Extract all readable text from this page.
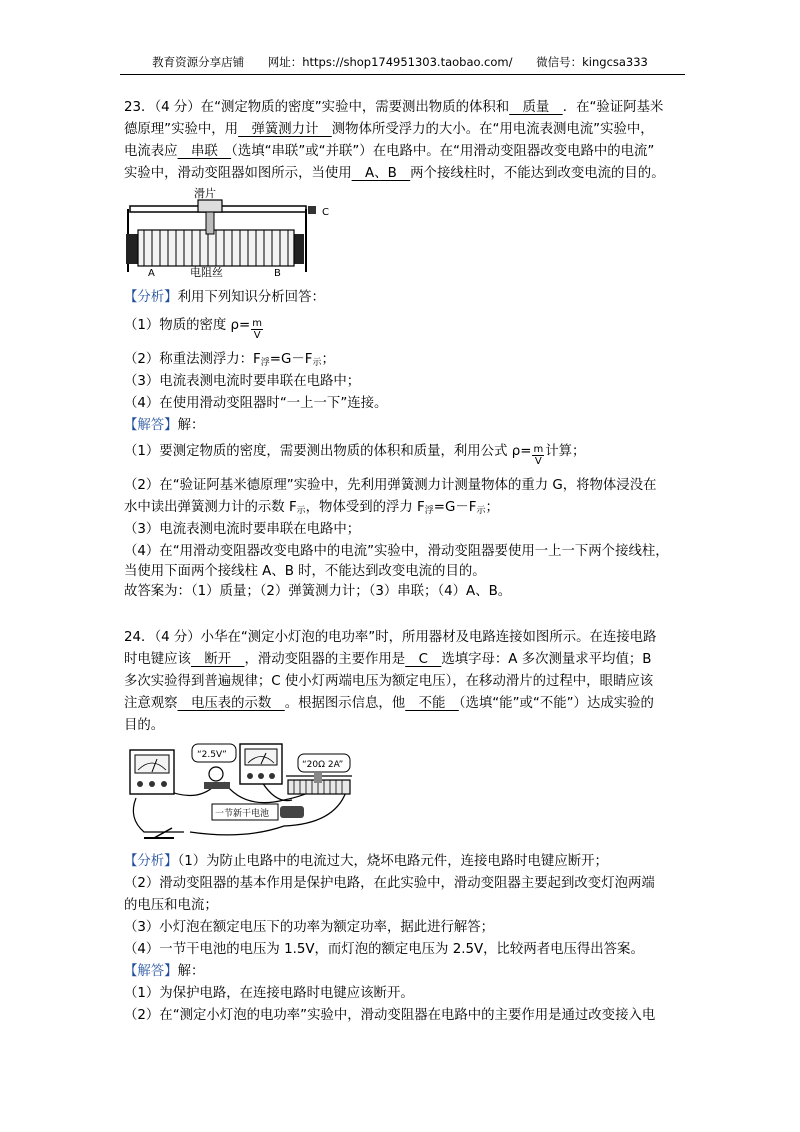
教育资源分享店铺 网址：https://shop174951303.taobao.com/ 微信号：kingcsa333
23．（4 分）在“测定物质的密度”实验中，需要测出物质的体积和　质量　．在“验证阿基米
德原理”实验中，用　弹簧测力计　测物体所受浮力的大小。在“用电流表测电流”实验中，
电流表应　串联　（选填“串联”或“并联”）在电路中。在“用滑动变阻器改变电路中的电流”
实验中，滑动变阻器如图所示，当使用　A、B　两个接线柱时，不能达到改变电流的目的。
滑片
C
A	电阻丝	B
【分析】利用下列知识分析回答：
（1）物质的密度 $\rho= \frac{m}{V}$
（2）称重法测浮力：$F_浮=G-F_示$；
（3）电流表测电流时要串联在电路中；
（4）在使用滑动变阻器时“一上一下”连接。
【解答】解：
（1）要测定物质的密度，需要测出物质的体积和质量，利用公式 $\rho= \frac{m}{V}$ 计算；
（2）在“验证阿基米德原理”实验中，先利用弹簧测力计测量物体的重力 G，将物体浸没在
水中读出弹簧测力计的示数 $F_示$，物体受到的浮力 $F_浮=G-F_示$；
（3）电流表测电流时要串联在电路中；
（4）在“用滑动变阻器改变电路中的电流”实验中，滑动变阻器要使用一上一下两个接线柱，
当使用下面两个接线柱 A、B 时，不能达到改变电流的目的。
故答案为：（1）质量；（2）弹簧测力计；（3）串联；（4）A、B。
24．（4 分）小华在“测定小灯泡的电功率”时，所用器材及电路连接如图所示。在连接电路
时电键应该　断开　，滑动变阻器的主要作用是　C　选填字母：A 多次测量求平均值；B
多次实验得到普遍规律；C 使小灯两端电压为额定电压），在移动滑片的过程中，眼睛应该
注意观察　电压表的示数　。根据图示信息，他　不能　（选填“能”或“不能”）达成实验的
目的。
“2.5V”
“20Ω 2A”
一节新干电池
【分析】（1）为防止电路中的电流过大，烧坏电路元件，连接电路时电键应断开；
（2）滑动变阻器的基本作用是保护电路，在此实验中，滑动变阻器主要起到改变灯泡两端
的电压和电流；
（3）小灯泡在额定电压下的功率为额定功率，据此进行解答；
（4）一节干电池的电压为 1.5V，而灯泡的额定电压为 2.5V，比较两者电压得出答案。
【解答】解：
（1）为保护电路，在连接电路时电键应该断开。
（2）在“测定小灯泡的电功率”实验中，滑动变阻器在电路中的主要作用是通过改变接入电
